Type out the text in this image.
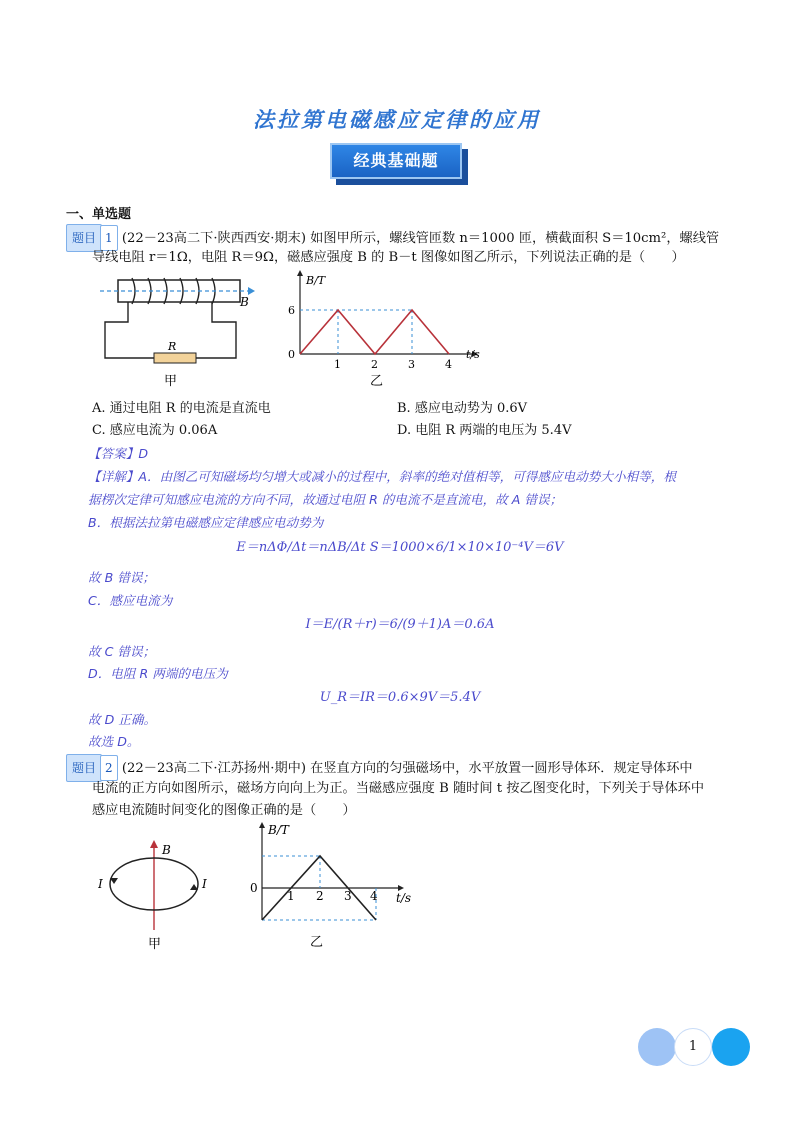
法拉第电磁感应定律的应用
经典基础题
一、单选题
题目 1 (22－23高二下·陕西西安·期末) 如图甲所示，螺线管匝数 n＝1000 匝，横截面积 S＝10cm²，螺线管
导线电阻 r＝1Ω，电阻 R＝9Ω，磁感应强度 B 的 B－t 图像如图乙所示，下列说法正确的是（　　）
B
R
甲
B/T
t/s
6
0
1	2	3	4
乙
A. 通过电阻 R 的电流是直流电	B. 感应电动势为 0.6V
C. 感应电流为 0.06A	D. 电阻 R 两端的电压为 5.4V
【答案】D
【详解】A．由图乙可知磁场均匀增大或减小的过程中，斜率的绝对值相等，可得感应电动势大小相等，根
据楞次定律可知感应电流的方向不同，故通过电阻 R 的电流不是直流电，故 A 错误；
B．根据法拉第电磁感应定律感应电动势为
E＝nΔΦ/Δt＝nΔB/Δt S＝1000×6/1×10×10⁻⁴V＝6V
故 B 错误；
C．感应电流为
I＝E/(R＋r)＝6/(9＋1)A＝0.6A
故 C 错误；
D．电阻 R 两端的电压为
U_R＝IR＝0.6×9V＝5.4V
故 D 正确。
故选 D。
题目 2 (22－23高二下·江苏扬州·期中) 在竖直方向的匀强磁场中，水平放置一圆形导体环．规定导体环中
电流的正方向如图所示，磁场方向向上为正。当磁感应强度 B 随时间 t 按乙图变化时，下列关于导体环中
感应电流随时间变化的图像正确的是（　　）
B
I	I
甲
B/T
t/s
0
1 2 3 4
乙
1
